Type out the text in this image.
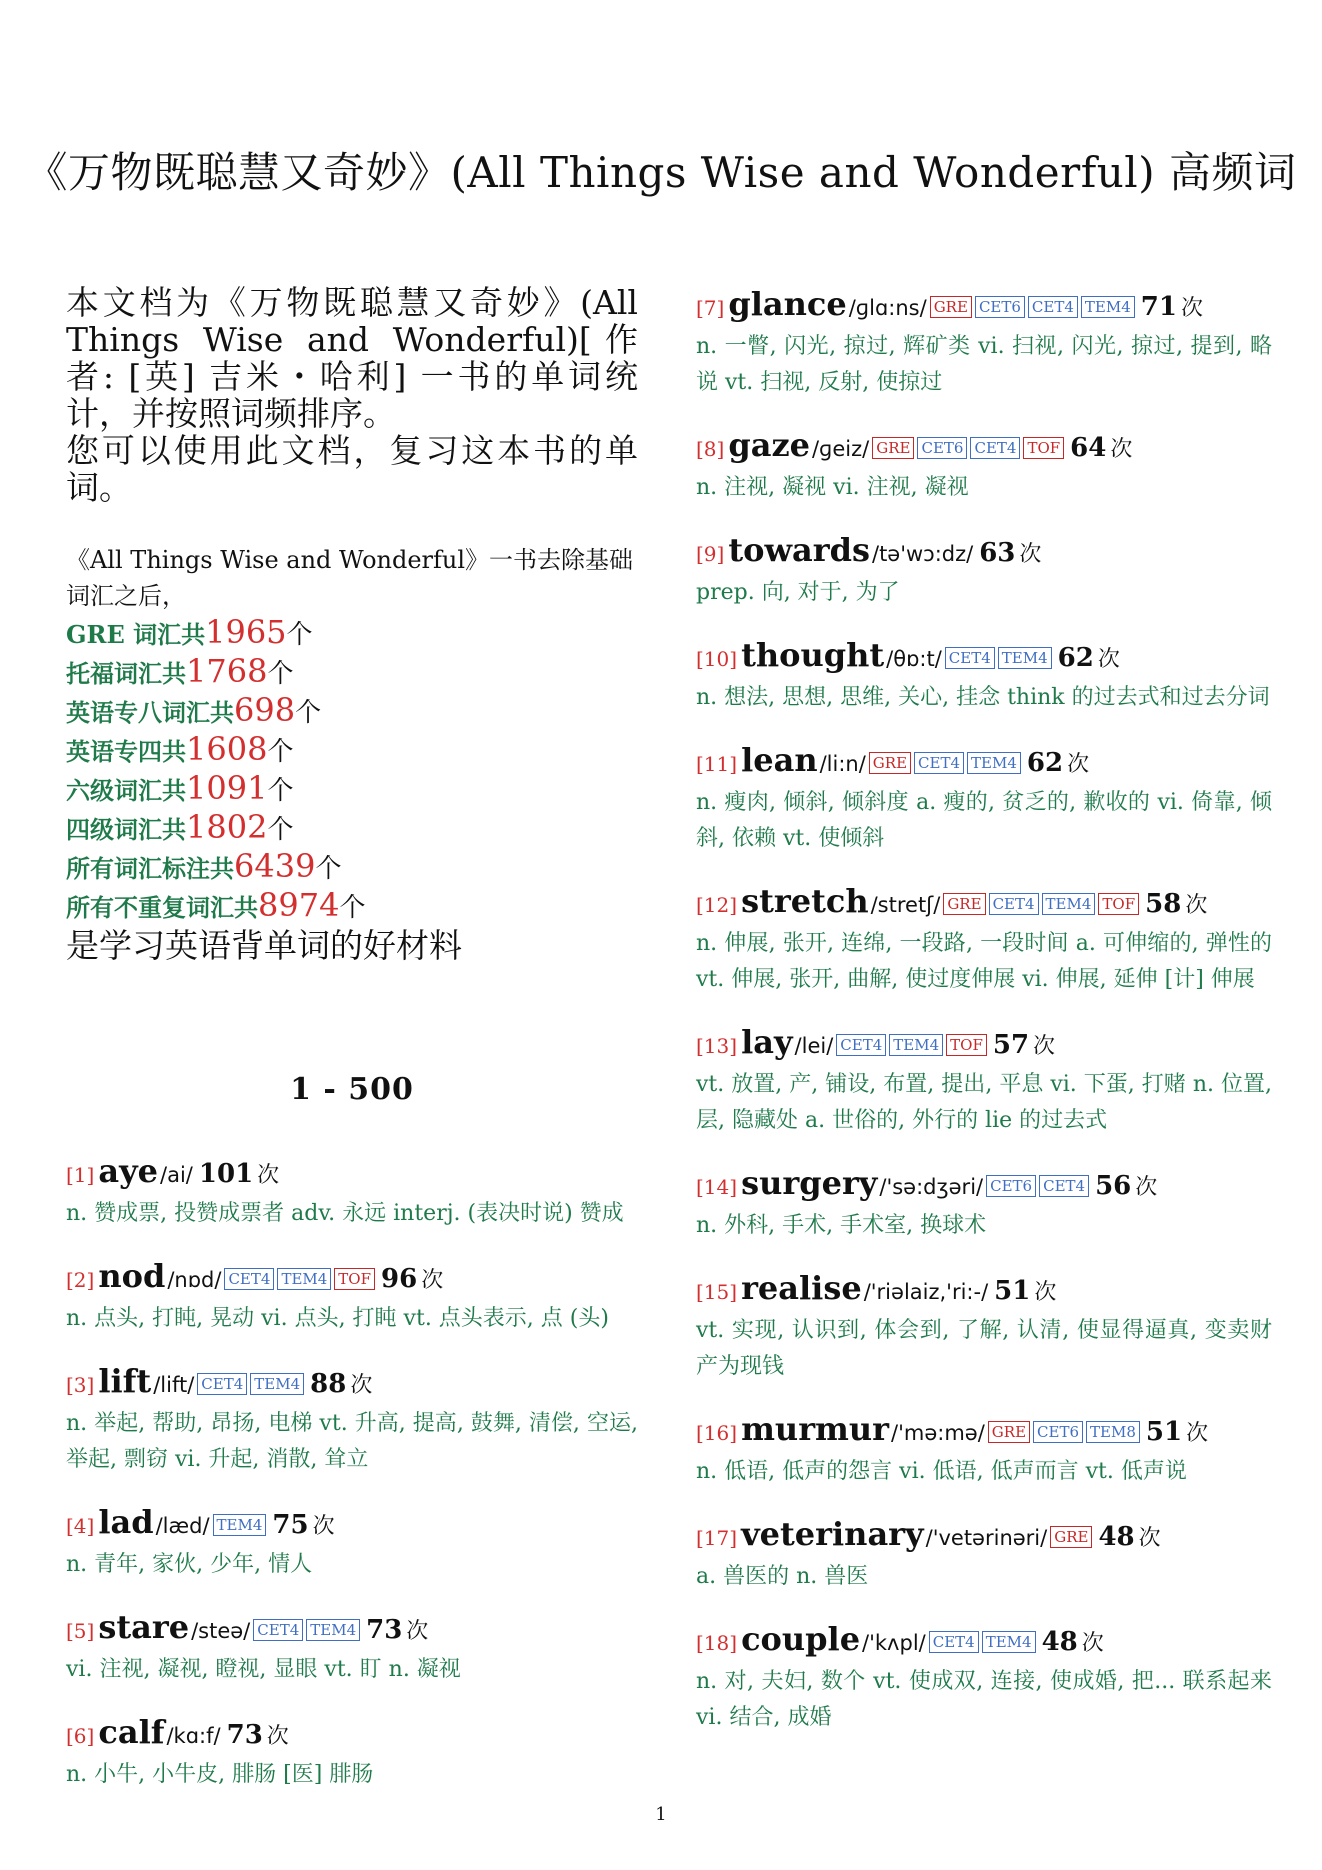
《万物既聪慧又奇妙》(All Things Wise and Wonderful) 高频词

本文档为《万物既聪慧又奇妙》(All Things Wise and Wonderful)[作 者: [英] 吉米・哈利] 一书的单词统计，并按照词频排序。

您可以使用此文档，复习这本书的单词。

《All Things Wise and Wonderful》一书去除基础词汇之后，
GRE 词汇共1965个
托福词汇共1768个
英语专八词汇共698个
英语专四共1608个
六级词汇共1091个
四级词汇共1802个
所有词汇标注共6439个
所有不重复词汇共8974个
是学习英语背单词的好材料
1 - 500
[1] aye/ai/ 101 次
n. 赞成票, 投赞成票者 adv. 永远 interj. (表决时说) 赞成
[2] nod/nɒd/ CET4 TEM4 TOF 96 次
n. 点头, 打盹, 晃动 vi. 点头, 打盹 vt. 点头表示, 点 (头)
[3] lift/lift/ CET4 TEM4 88 次
n. 举起, 帮助, 昂扬, 电梯 vt. 升高, 提高, 鼓舞, 清偿, 空运, 举起, 剽窃 vi. 升起, 消散, 耸立
[4] lad/læd/ TEM4 75 次
n. 青年, 家伙, 少年, 情人
[5] stare/steə/ CET4 TEM4 73 次
vi. 注视, 凝视, 瞪视, 显眼 vt. 盯 n. 凝视
[6] calf/kɑ:f/ 73 次
n. 小牛, 小牛皮, 腓肠 [医] 腓肠
[7] glance/ɡlɑ:ns/ GRE CET6 CET4 TEM4 71 次
n. 一瞥, 闪光, 掠过, 辉矿类 vi. 扫视, 闪光, 掠过, 提到, 略说 vt. 扫视, 反射, 使掠过
[8] gaze/ɡeiz/ GRE CET6 CET4 TOF 64 次
n. 注视, 凝视 vi. 注视, 凝视
[9] towards/tə'wɔ:dz/ 63 次
prep. 向, 对于, 为了
[10] thought/θɒ:t/ CET4 TEM4 62 次
n. 想法, 思想, 思维, 关心, 挂念 think 的过去式和过去分词
[11] lean/li:n/ GRE CET4 TEM4 62 次
n. 瘦肉, 倾斜, 倾斜度 a. 瘦的, 贫乏的, 歉收的 vi. 倚靠, 倾斜, 依赖 vt. 使倾斜
[12] stretch/stretʃ/ GRE CET4 TEM4 TOF 58 次
n. 伸展, 张开, 连绵, 一段路, 一段时间 a. 可伸缩的, 弹性的 vt. 伸展, 张开, 曲解, 使过度伸展 vi. 伸展, 延伸 [计] 伸展
[13] lay/lei/ CET4 TEM4 TOF 57 次
vt. 放置, 产, 铺设, 布置, 提出, 平息 vi. 下蛋, 打赌 n. 位置, 层, 隐藏处 a. 世俗的, 外行的 lie 的过去式
[14] surgery/'sə:dʒəri/ CET6 CET4 56 次
n. 外科, 手术, 手术室, 换球术
[15] realise/'riəlaiz,'ri:-/ 51 次
vt. 实现, 认识到, 体会到, 了解, 认清, 使显得逼真, 变卖财产为现钱
[16] murmur/'mə:mə/ GRE CET6 TEM8 51 次
n. 低语, 低声的怨言 vi. 低语, 低声而言 vt. 低声说
[17] veterinary/'vetərinəri/ GRE 48 次
a. 兽医的 n. 兽医
[18] couple/'kʌpl/ CET4 TEM4 48 次
n. 对, 夫妇, 数个 vt. 使成双, 连接, 使成婚, 把... 联系起来 vi. 结合, 成婚
1
